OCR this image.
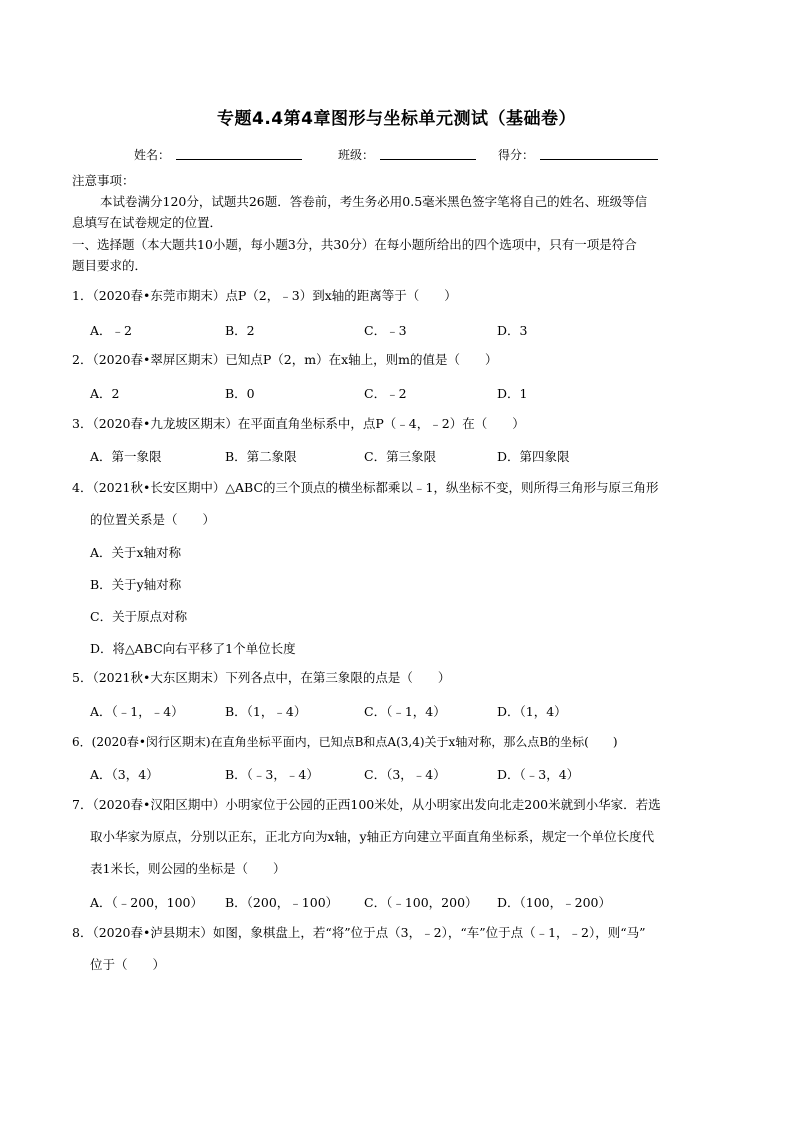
专题4.4第4章图形与坐标单元测试（基础卷）
姓名：	班级：	得分：
注意事项：
本试卷满分120分，试题共26题．答卷前，考生务必用0.5毫米黑色签字笔将自己的姓名、班级等信
息填写在试卷规定的位置．
一、选择题（本大题共10小题，每小题3分，共30分）在每小题所给出的四个选项中，只有一项是符合
题目要求的．
1．（2020春•东莞市期末）点P（2，﹣3）到x轴的距离等于（　　）
A．﹣2	B．2	C．﹣3	D．3
2．（2020春•翠屏区期末）已知点P（2，m）在x轴上，则m的值是（　　）
A．2	B．0	C．﹣2	D．1
3．（2020春•九龙坡区期末）在平面直角坐标系中，点P（﹣4，﹣2）在（　　）
A．第一象限	B．第二象限	C．第三象限	D．第四象限
4．（2021秋•长安区期中）△ABC的三个顶点的横坐标都乘以﹣1，纵坐标不变，则所得三角形与原三角形
的位置关系是（　　）
A．关于x轴对称
B．关于y轴对称
C．关于原点对称
D．将△ABC向右平移了1个单位长度
5．（2021秋•大东区期末）下列各点中，在第三象限的点是（　　）
A．（﹣1，﹣4）	B．（1，﹣4）	C．（﹣1，4）	D．（1，4）
6．(2020春•闵行区期末)在直角坐标平面内，已知点B和点A(3,4)关于x轴对称，那么点B的坐标(　　)
A．（3，4）	B．（﹣3，﹣4）	C．（3，﹣4）	D．（﹣3，4）
7．（2020春•汉阳区期中）小明家位于公园的正西100米处，从小明家出发向北走200米就到小华家．若选
取小华家为原点，分别以正东，正北方向为x轴，y轴正方向建立平面直角坐标系，规定一个单位长度代
表1米长，则公园的坐标是（　　）
A．（﹣200，100） B．（200，﹣100） C．（﹣100，200） D．（100，﹣200）
8．（2020春•泸县期末）如图，象棋盘上，若“将”位于点（3，﹣2），“车”位于点（﹣1，﹣2），则“马”
位于（　　）
